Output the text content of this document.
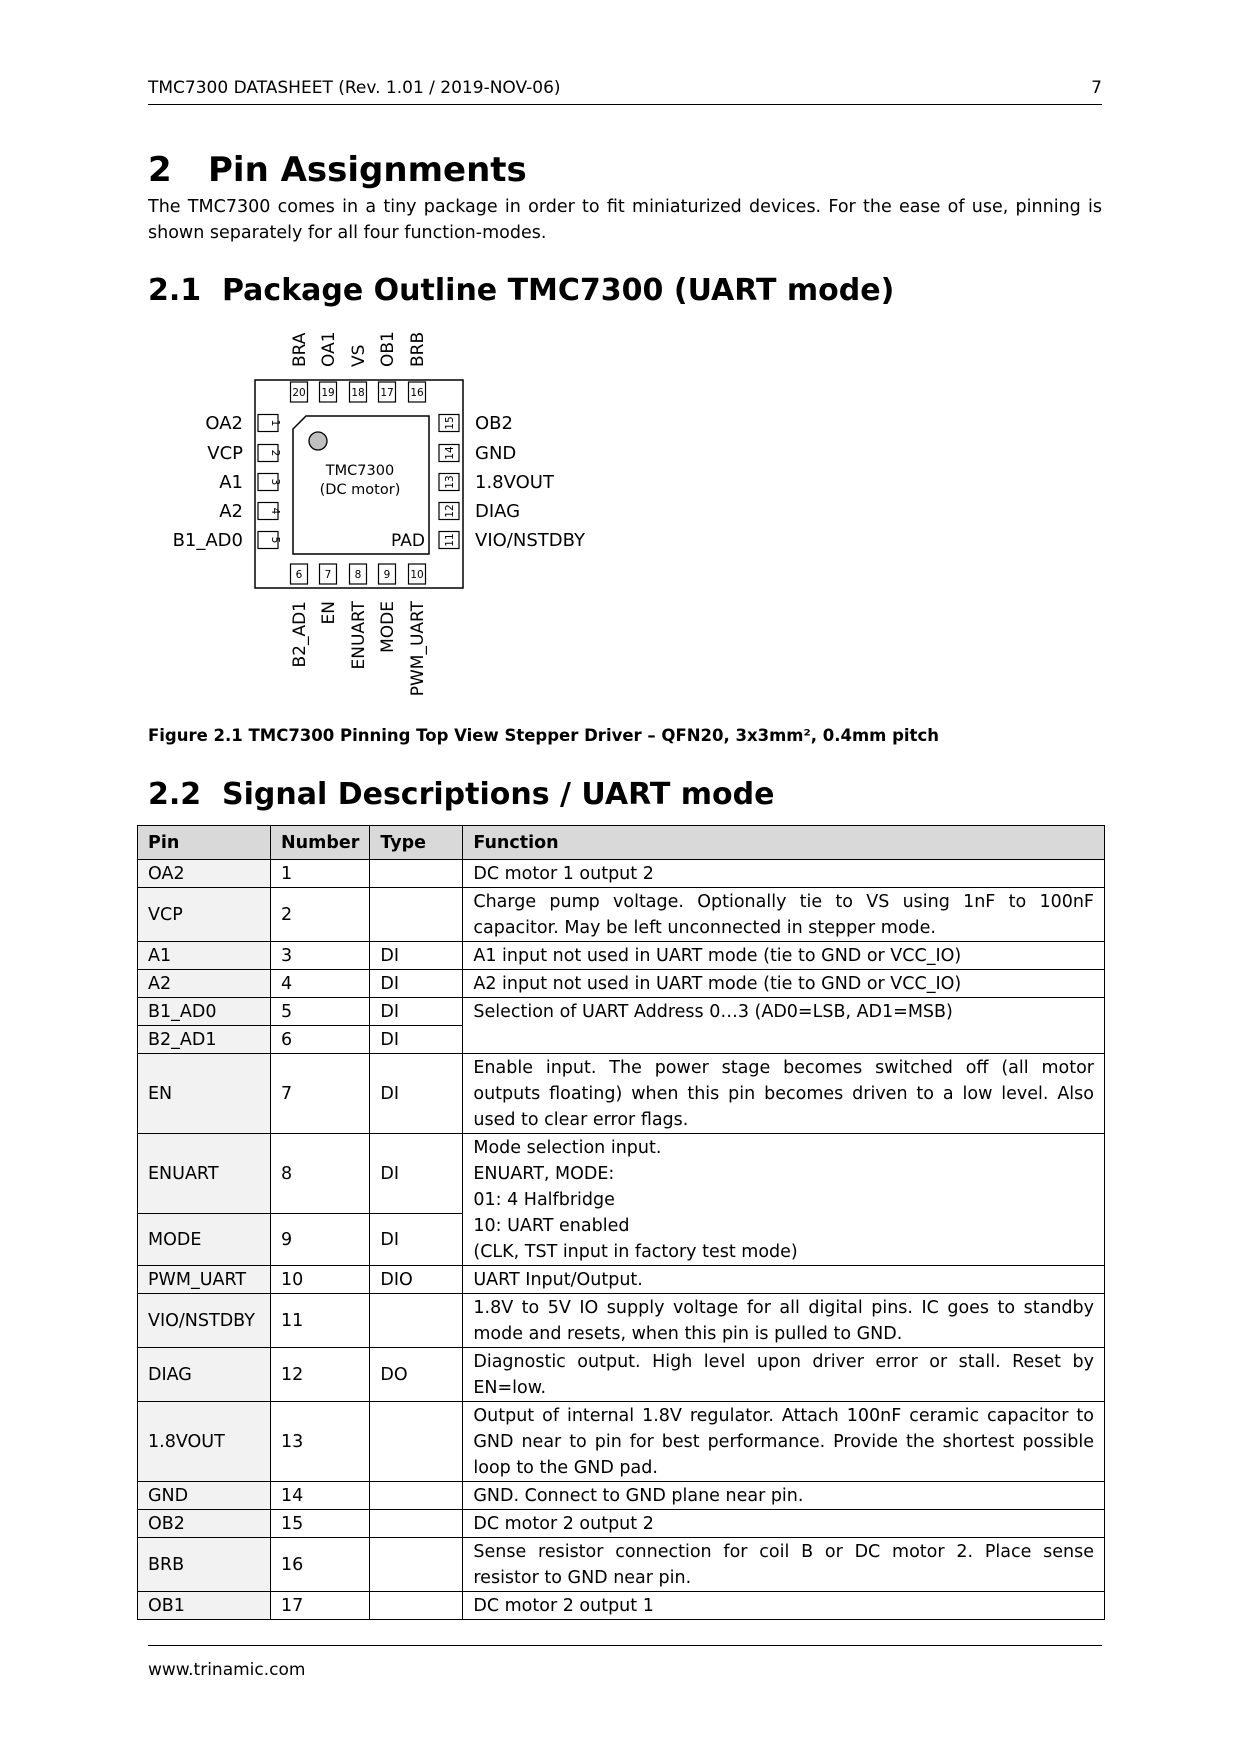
TMC7300 DATASHEET (Rev. 1.01 / 2019-NOV-06)	7
2 Pin Assignments

The TMC7300 comes in a tiny package in order to fit miniaturized devices. For the ease of use, pinning is shown separately for all four function-modes.

2.1 Package Outline TMC7300 (UART mode)
TMC7300
(DC motor)
PAD
20
BRA
19
OA1
18
VS
17
OB1
16
BRB
6
B2_AD1
7
EN
8
ENUART
9
MODE
10
PWM_UART
1
OA2
2
VCP
3
A1
4
A2
5
B1_AD0
15 OB2
14 GND
13 1.8VOUT
12 DIAG
11 VIO/NSTDBY

Figure 2.1 TMC7300 Pinning Top View Stepper Driver – QFN20, 3x3mm², 0.4mm pitch

2.2 Signal Descriptions / UART mode
Pin	Number	Type	Function
OA2	1		DC motor 1 output 2
VCP	2		Charge pump voltage. Optionally tie to VS using 1nF to 100nF capacitor. May be left unconnected in stepper mode.
A1	3	DI	A1 input not used in UART mode (tie to GND or VCC_IO)
A2	4	DI	A2 input not used in UART mode (tie to GND or VCC_IO)
B1_AD0	5	DI	Selection of UART Address 0…3 (AD0=LSB, AD1=MSB)
B2_AD1	6	DI	
EN	7	DI	Enable input. The power stage becomes switched off (all motor outputs floating) when this pin becomes driven to a low level. Also used to clear error flags.
ENUART	8	DI	Mode selection input.
ENUART, MODE:
01: 4 Halfbridge
10: UART enabled
(CLK, TST input in factory test mode)

MODE	9	DI	
PWM_UART	10	DIO	UART Input/Output.
VIO/NSTDBY	11		1.8V to 5V IO supply voltage for all digital pins. IC goes to standby mode and resets, when this pin is pulled to GND.
DIAG	12	DO	Diagnostic output. High level upon driver error or stall. Reset by EN=low.
1.8VOUT	13		Output of internal 1.8V regulator. Attach 100nF ceramic capacitor to GND near to pin for best performance. Provide the shortest possible loop to the GND pad.
GND	14		GND. Connect to GND plane near pin.
OB2	15		DC motor 2 output 2
BRB	16		Sense resistor connection for coil B or DC motor 2. Place sense resistor to GND near pin.
OB1	17		DC motor 2 output 1
www.trinamic.com
